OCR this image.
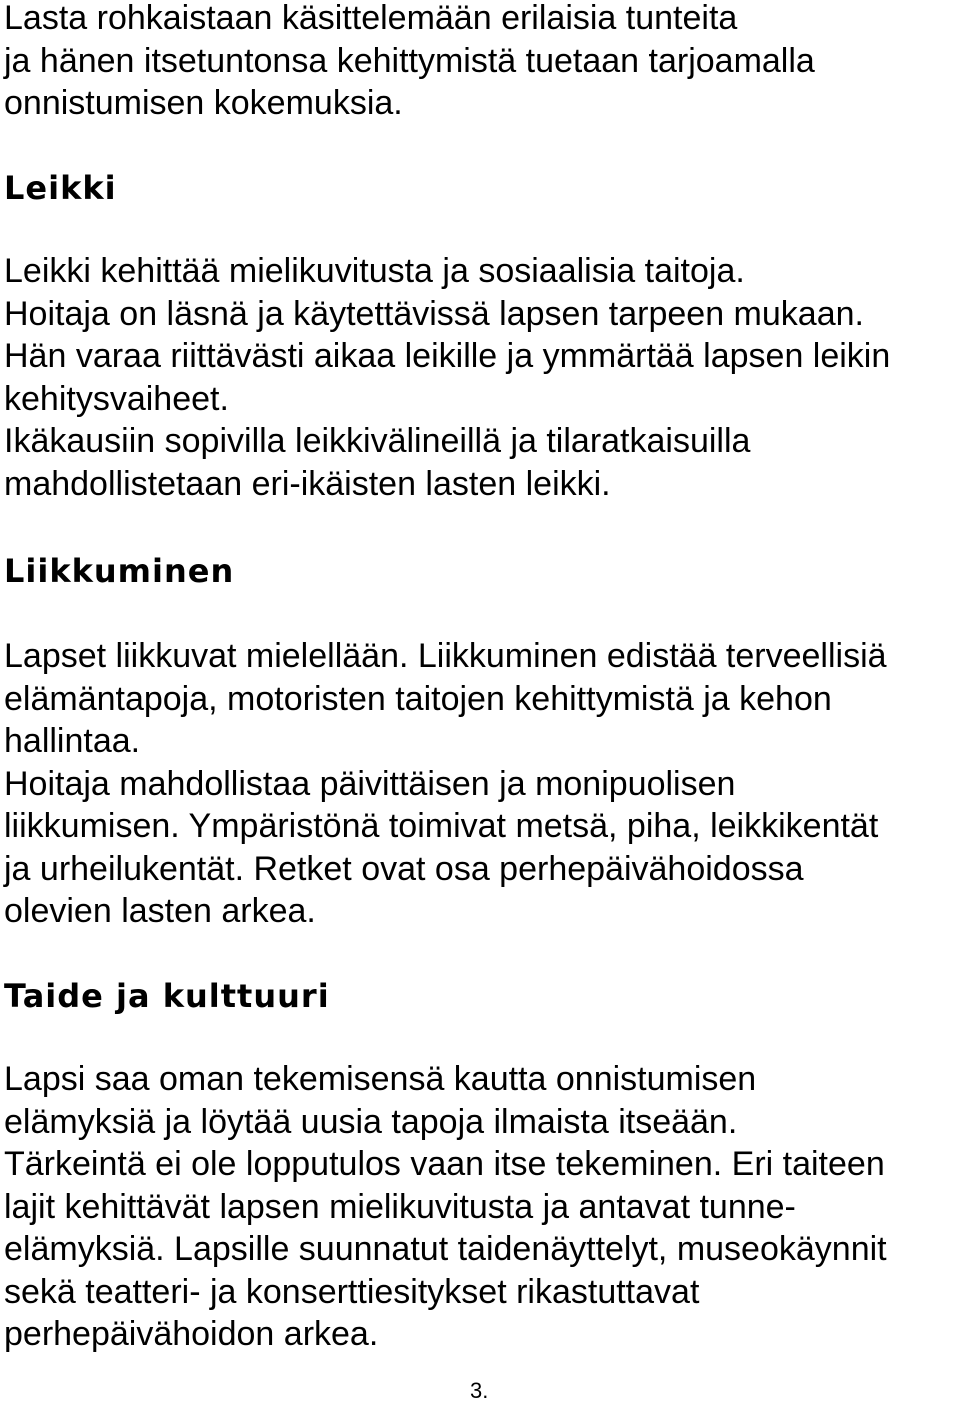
Lasta rohkaistaan käsittelemään erilaisia tunteita
ja hänen itsetuntonsa kehittymistä tuetaan tarjoamalla
onnistumisen kokemuksia.

Leikki

Leikki kehittää mielikuvitusta ja sosiaalisia taitoja.
Hoitaja on läsnä ja käytettävissä lapsen tarpeen mukaan.
Hän varaa riittävästi aikaa leikille ja ymmärtää lapsen leikin
kehitysvaiheet.
Ikäkausiin sopivilla leikkivälineillä ja tilaratkaisuilla
mahdollistetaan eri-ikäisten lasten leikki.

Liikkuminen

Lapset liikkuvat mielellään. Liikkuminen edistää terveellisiä
elämäntapoja, motoristen taitojen kehittymistä ja kehon
hallintaa.
Hoitaja mahdollistaa päivittäisen ja monipuolisen
liikkumisen. Ympäristönä toimivat metsä, piha, leikkikentät
ja urheilukentät. Retket ovat osa perhepäivähoidossa
olevien lasten arkea.

Taide ja kulttuuri

Lapsi saa oman tekemisensä kautta onnistumisen
elämyksiä ja löytää uusia tapoja ilmaista itseään.
Tärkeintä ei ole lopputulos vaan itse tekeminen. Eri taiteen
lajit kehittävät lapsen mielikuvitusta ja antavat tunne-
elämyksiä. Lapsille suunnatut taidenäyttelyt, museokäynnit
sekä teatteri- ja konserttiesitykset rikastuttavat
perhepäivähoidon arkea.

3.
